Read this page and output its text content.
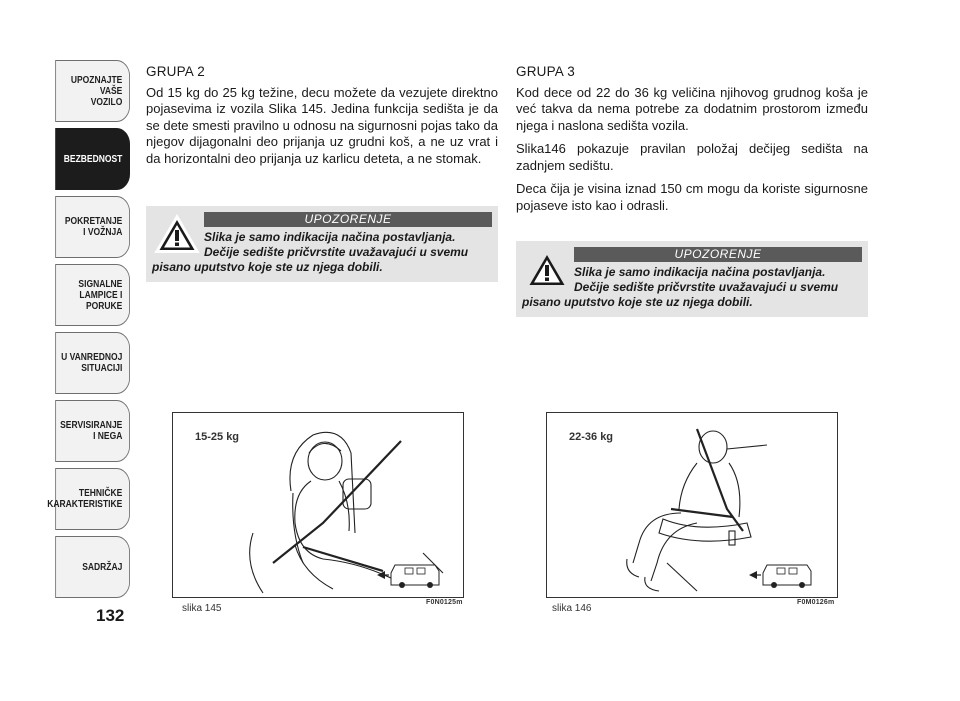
UPOZNAJTE
VAŠE
VOZILO
BEZBEDNOST
POKRETANJE
I VOŽNJA
SIGNALNE
LAMPICE I PORUKE
U VANREDNOJ
SITUACIJI
SERVISIRANJE
I NEGA
TEHNIČKE
KARAKTERISTIKE
SADRŽAJ
132
GRUPA 2

Od 15 kg do 25 kg težine, decu možete da vezujete direktno pojasevima iz vozila Slika 145. Jedina funkcija sedišta je da se dete smesti pravilno u odnosu na sigurnosni pojas tako da njegov dijagonalni deo prijanja uz grudni koš, a ne uz vrat i da horizontalni deo prijanja uz karlicu deteta, a ne stomak.

UPOZORENJE
Slika je samo indikacija načina postavljanja.
Dečije sedište pričvrstite uvažavajući u svemu
pisano uputstvo koje ste uz njega dobili.
GRUPA 3

Kod dece od 22 do 36 kg veličina njihovog grudnog koša je već takva da nema potrebe za dodatnim prostorom između njega i naslona sedišta vozila.

Slika146 pokazuje pravilan položaj dečijeg sedišta na zadnjem sedištu.

Deca čija je visina iznad 150 cm mogu da koriste sigurnosne pojaseve isto kao i odrasli.

UPOZORENJE
Slika je samo indikacija načina postavljanja.
Dečije sedište pričvrstite uvažavajući u svemu
pisano uputstvo koje ste uz njega dobili.
15-25 kg
slika 145
F0N0125m
22-36 kg
slika 146
F0M0126m
